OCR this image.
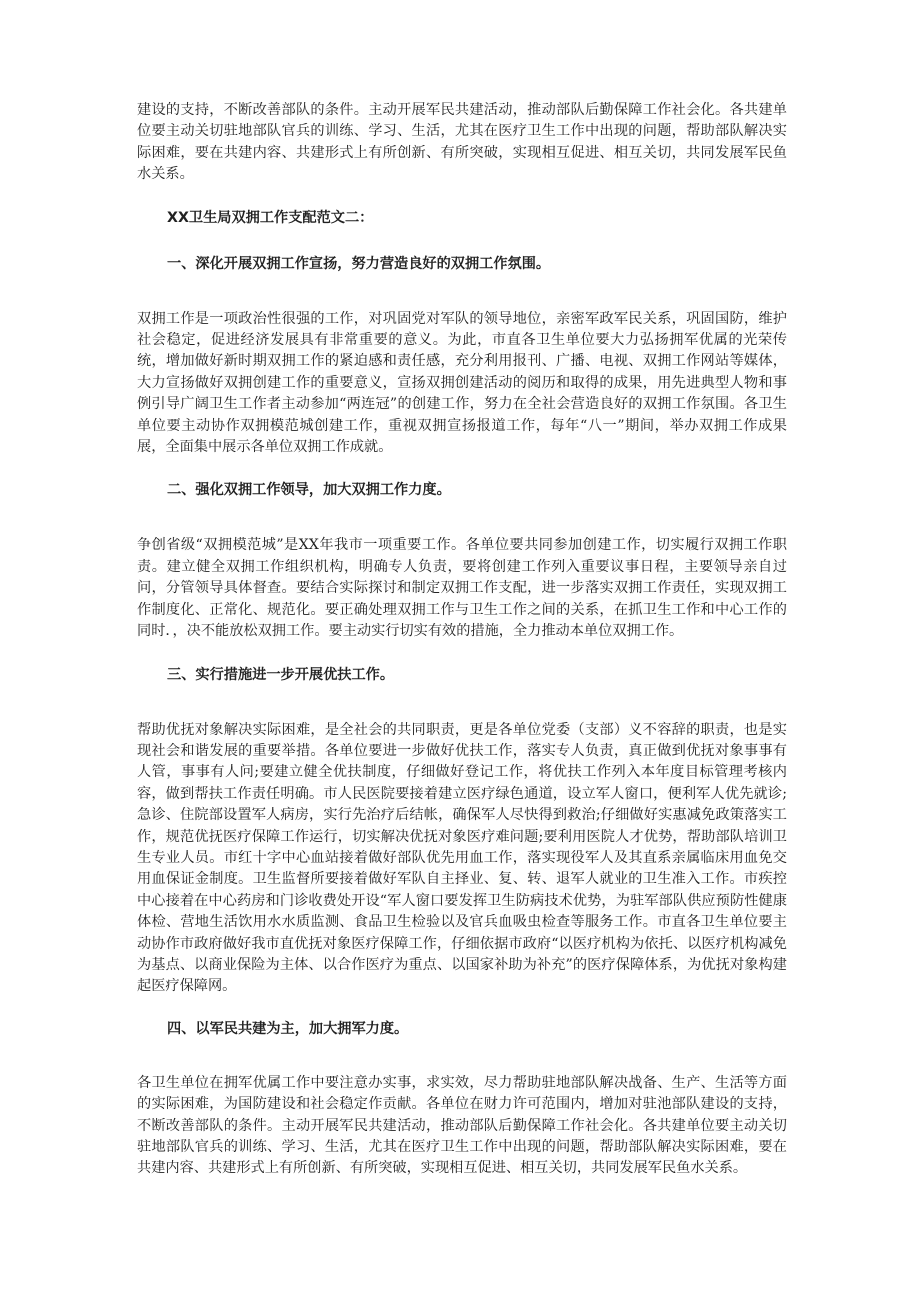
建设的支持，不断改善部队的条件。主动开展军民共建活动，推动部队后勤保障工作社会化。各共建单位要主动关切驻地部队官兵的训练、学习、生活，尤其在医疗卫生工作中出现的问题，帮助部队解决实际困难，要在共建内容、共建形式上有所创新、有所突破，实现相互促进、相互关切，共同发展军民鱼水关系。

XX卫生局双拥工作支配范文二：

一、深化开展双拥工作宣扬，努力营造良好的双拥工作氛围。

双拥工作是一项政治性很强的工作，对巩固党对军队的领导地位，亲密军政军民关系，巩固国防，维护社会稳定，促进经济发展具有非常重要的意义。为此，市直各卫生单位要大力弘扬拥军优属的光荣传统，增加做好新时期双拥工作的紧迫感和责任感，充分利用报刊、广播、电视、双拥工作网站等媒体，大力宣扬做好双拥创建工作的重要意义，宣扬双拥创建活动的阅历和取得的成果，用先进典型人物和事例引导广阔卫生工作者主动参加“两连冠”的创建工作，努力在全社会营造良好的双拥工作氛围。各卫生单位要主动协作双拥模范城创建工作，重视双拥宣扬报道工作，每年“八一”期间，举办双拥工作成果展，全面集中展示各单位双拥工作成就。

二、强化双拥工作领导，加大双拥工作力度。

争创省级“双拥模范城”是XX年我市一项重要工作。各单位要共同参加创建工作，切实履行双拥工作职责。建立健全双拥工作组织机构，明确专人负责，要将创建工作列入重要议事日程，主要领导亲自过问，分管领导具体督查。要结合实际探讨和制定双拥工作支配，进一步落实双拥工作责任，实现双拥工作制度化、正常化、规范化。要正确处理双拥工作与卫生工作之间的关系，在抓卫生工作和中心工作的同时．，决不能放松双拥工作。要主动实行切实有效的措施，全力推动本单位双拥工作。

三、实行措施进一步开展优扶工作。

帮助优抚对象解决实际困难，是全社会的共同职责，更是各单位党委（支部）义不容辞的职责，也是实现社会和谐发展的重要举措。各单位要进一步做好优扶工作，落实专人负责，真正做到优抚对象事事有人管，事事有人问;要建立健全优扶制度，仔细做好登记工作，将优扶工作列入本年度目标管理考核内容，做到帮扶工作责任明确。市人民医院要接着建立医疗绿色通道，设立军人窗口，便利军人优先就诊;急诊、住院部设置军人病房，实行先治疗后结帐，确保军人尽快得到救治;仔细做好实惠减免政策落实工作，规范优抚医疗保障工作运行，切实解决优抚对象医疗难问题;要利用医院人才优势，帮助部队培训卫生专业人员。市红十字中心血站接着做好部队优先用血工作，落实现役军人及其直系亲属临床用血免交用血保证金制度。卫生监督所要接着做好军队自主择业、复、转、退军人就业的卫生准入工作。市疾控中心接着在中心药房和门诊收费处开设“军人窗口要发挥卫生防病技术优势，为驻军部队供应预防性健康体检、营地生活饮用水水质监测、食品卫生检验以及官兵血吸虫检查等服务工作。市直各卫生单位要主动协作市政府做好我市直优抚对象医疗保障工作，仔细依据市政府“以医疗机构为依托、以医疗机构减免为基点、以商业保险为主体、以合作医疗为重点、以国家补助为补充”的医疗保障体系，为优抚对象构建起医疗保障网。

四、以军民共建为主，加大拥军力度。

各卫生单位在拥军优属工作中要注意办实事，求实效，尽力帮助驻地部队解决战备、生产、生活等方面的实际困难，为国防建设和社会稳定作贡献。各单位在财力许可范围内，增加对驻池部队建设的支持，不断改善部队的条件。主动开展军民共建活动，推动部队后勤保障工作社会化。各共建单位要主动关切驻地部队官兵的训练、学习、生活，尤其在医疗卫生工作中出现的问题，帮助部队解决实际困难，要在共建内容、共建形式上有所创新、有所突破，实现相互促进、相互关切，共同发展军民鱼水关系。
